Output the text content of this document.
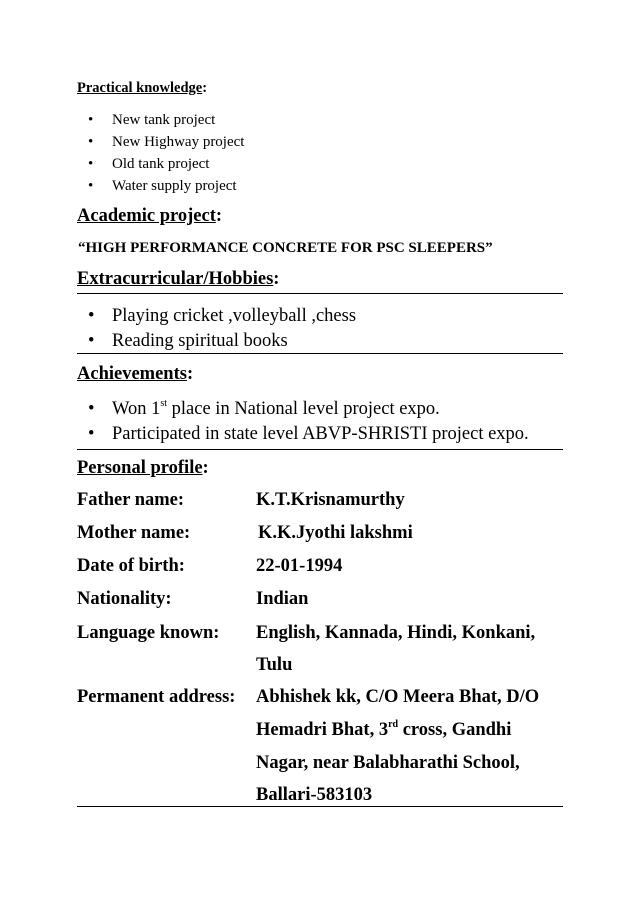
Practical knowledge:
• New tank project
• New Highway project
• Old tank project
• Water supply project
Academic project:
“HIGH PERFORMANCE CONCRETE FOR PSC SLEEPERS”
Extracurricular/Hobbies:
• Playing cricket ,volleyball ,chess
• Reading spiritual books
Achievements:
• Won 1st place in National level project expo.
• Participated in state level ABVP-SHRISTI project expo.
Personal profile:
Father name:	K.T.Krisnamurthy
Mother name:	K.K.Jyothi lakshmi
Date of birth:	22-01-1994
Nationality:	Indian
Language known: English, Kannada, Hindi, Konkani,
Tulu
Permanent address: Abhishek kk, C/O Meera Bhat, D/O
Hemadri Bhat, 3rd cross, Gandhi
Nagar, near Balabharathi School,
Ballari-583103
